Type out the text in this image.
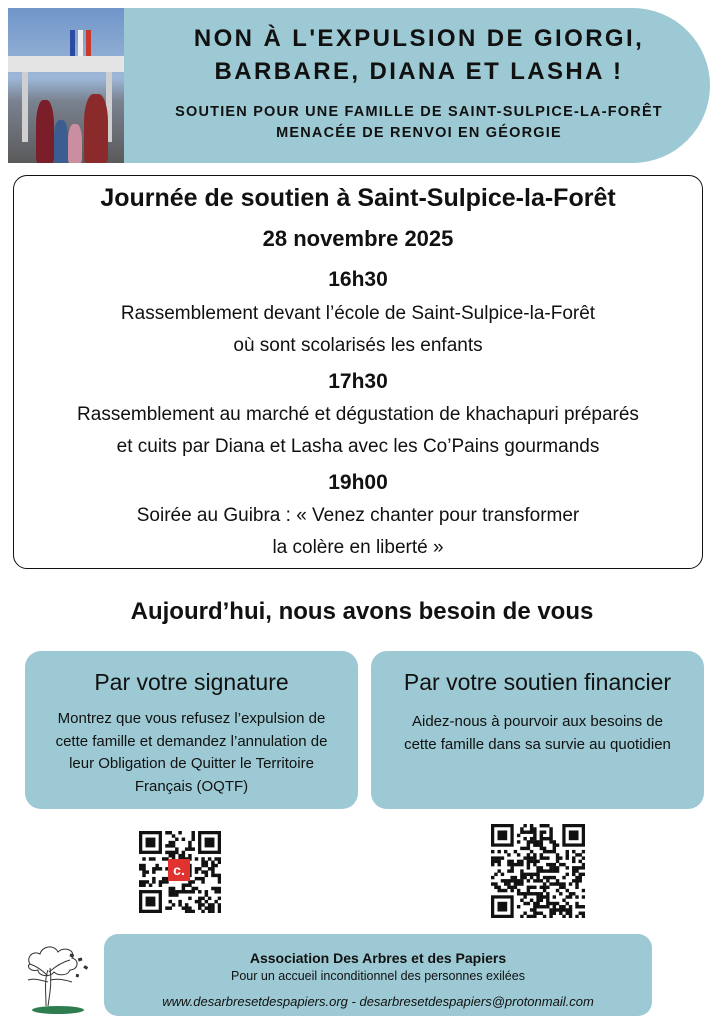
NON À L'EXPULSION DE GIORGI,
BARBARE, DIANA ET LASHA !
SOUTIEN POUR UNE FAMILLE DE SAINT-SULPICE-LA-FORÊT
MENACÉE DE RENVOI EN GÉORGIE
Journée de soutien à Saint-Sulpice-la-Forêt
28 novembre 2025
16h30
Rassemblement devant l’école de Saint-Sulpice-la-Forêt
où sont scolarisés les enfants
17h30
Rassemblement au marché et dégustation de khachapuri préparés
et cuits par Diana et Lasha avec les Co’Pains gourmands
19h00
Soirée au Guibra : « Venez chanter pour transformer
la colère en liberté »
Aujourd’hui, nous avons besoin de vous
Par votre signature
Montrez que vous refusez l’expulsion de
cette famille et demandez l’annulation de
leur Obligation de Quitter le Territoire
Français (OQTF)
Par votre soutien financier
Aidez-nous à pourvoir aux besoins de
cette famille dans sa survie au quotidien
c.
Association Des Arbres et des Papiers
Pour un accueil inconditionnel des personnes exilées
www.desarbresetdespapiers.org - desarbresetdespapiers@protonmail.com
